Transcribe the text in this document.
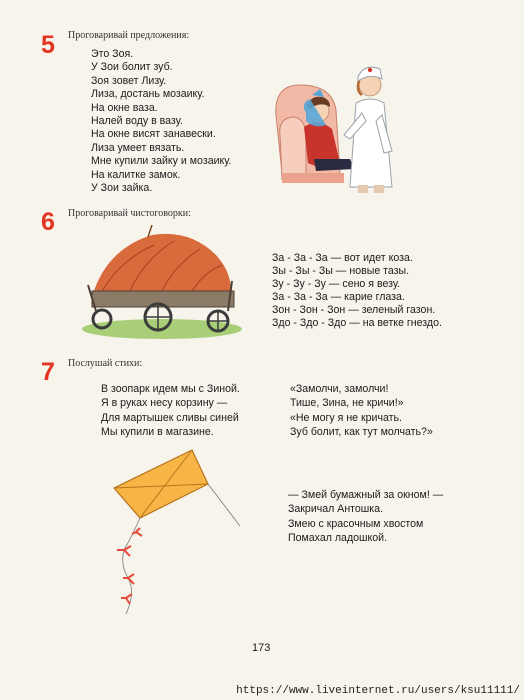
5 Проговаривай предложения:
Это Зоя.
У Зои болит зуб.
Зоя зовет Лизу.
Лиза, достань мозаику.
На окне ваза.
Налей воду в вазу.
На окне висят занавески.
Лиза умеет вязать.
Мне купили зайку и мозаику.
На калитке замок.
У Зои зайка.
6 Проговаривай чистоговорки:
За - За - За — вот идет коза.
Зы - Зы - Зы — новые тазы.
Зу - Зу - Зу — сено я везу.
За - За - За — карие глаза.
Зон - Зон - Зон — зеленый газон.
Здо - Здо - Здо — на ветке гнездо.
7 Послушай стихи:
В зоопарк идем мы с Зиной.
Я в руках несу корзину —
Для мартышек сливы синей
Мы купили в магазине.
«Замолчи, замолчи!
Тише, Зина, не кричи!»
«Не могу я не кричать.
Зуб болит, как тут молчать?»
— Змей бумажный за окном! —
Закричал Антошка.
Змею с красочным хвостом
Помахал ладошкой.
173
https://www.liveinternet.ru/users/ksu11111/
